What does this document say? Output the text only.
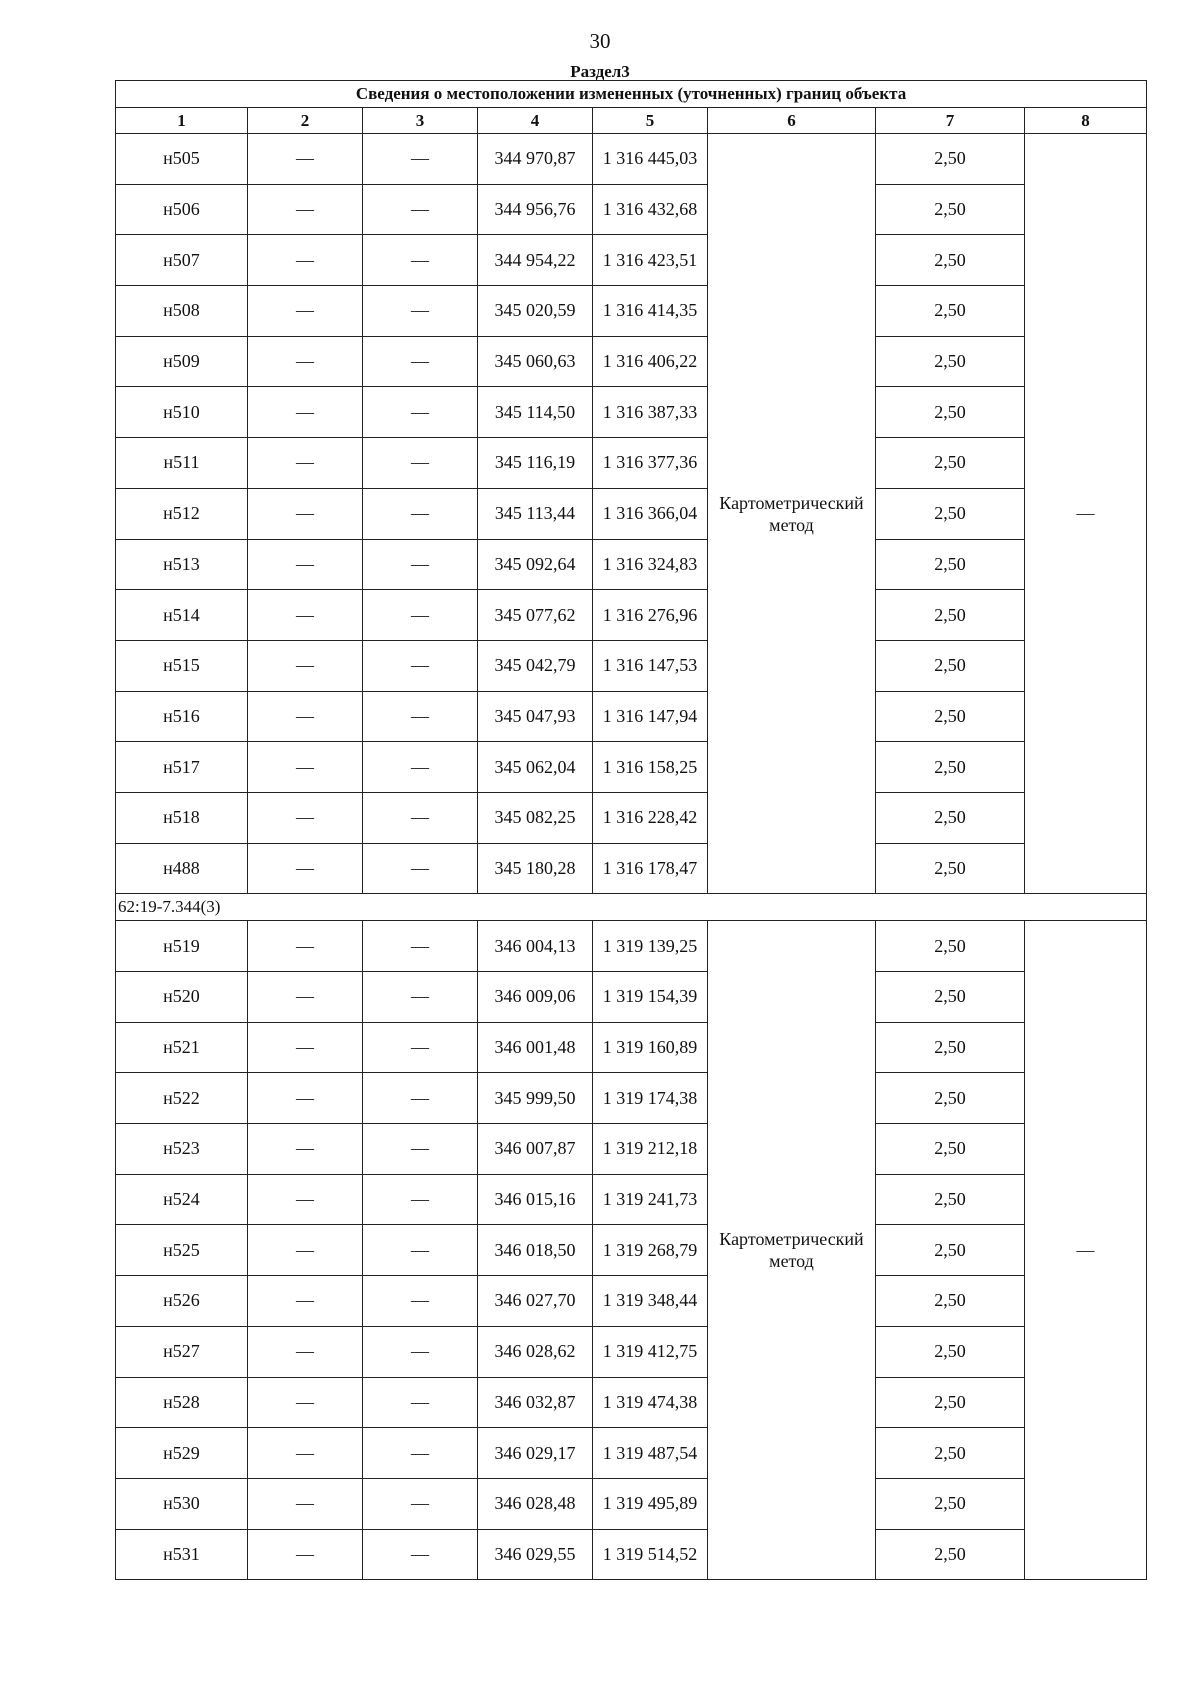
30
Раздел3
Сведения о местоположении измененных (уточненных) границ объекта							
1	2	3	4	5	6	7	8
н505	—	—	344 970,87	1 316 445,03	Картометрический метод	2,50	—
н506	—	—	344 956,76	1 316 432,68		2,50	
н507	—	—	344 954,22	1 316 423,51		2,50	
н508	—	—	345 020,59	1 316 414,35		2,50	
н509	—	—	345 060,63	1 316 406,22		2,50	
н510	—	—	345 114,50	1 316 387,33		2,50	
н511	—	—	345 116,19	1 316 377,36		2,50	
н512	—	—	345 113,44	1 316 366,04		2,50	
н513	—	—	345 092,64	1 316 324,83		2,50	
н514	—	—	345 077,62	1 316 276,96		2,50	
н515	—	—	345 042,79	1 316 147,53		2,50	
н516	—	—	345 047,93	1 316 147,94		2,50	
н517	—	—	345 062,04	1 316 158,25		2,50	
н518	—	—	345 082,25	1 316 228,42		2,50	
н488	—	—	345 180,28	1 316 178,47		2,50	
62:19-7.344(3)							
н519	—	—	346 004,13	1 319 139,25	Картометрический метод	2,50	—
н520	—	—	346 009,06	1 319 154,39		2,50	
н521	—	—	346 001,48	1 319 160,89		2,50	
н522	—	—	345 999,50	1 319 174,38		2,50	
н523	—	—	346 007,87	1 319 212,18		2,50	
н524	—	—	346 015,16	1 319 241,73		2,50	
н525	—	—	346 018,50	1 319 268,79		2,50	
н526	—	—	346 027,70	1 319 348,44		2,50	
н527	—	—	346 028,62	1 319 412,75		2,50	
н528	—	—	346 032,87	1 319 474,38		2,50	
н529	—	—	346 029,17	1 319 487,54		2,50	
н530	—	—	346 028,48	1 319 495,89		2,50	
н531	—	—	346 029,55	1 319 514,52		2,50	
